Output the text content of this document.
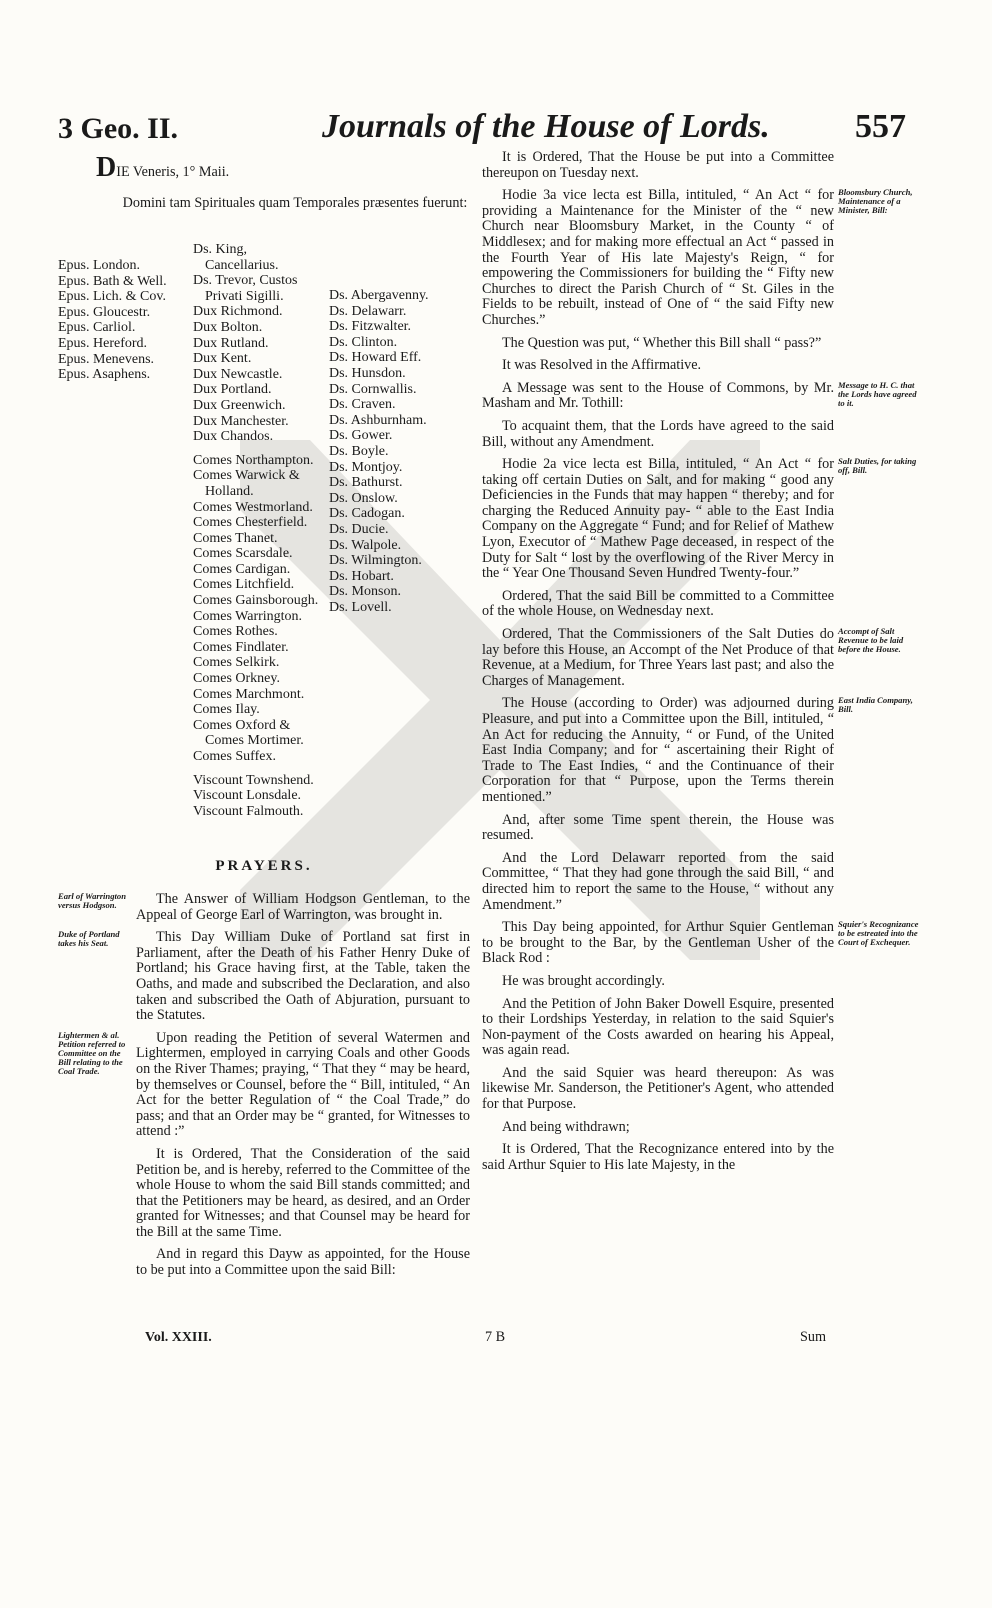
3 Geo. II.	Journals of the House of Lords.	557
DIE Veneris, 1° Maii.
Domini tam Spirituales quam Temporales præsentes fuerunt:
Epus. London.
Epus. Bath & Well.
Epus. Lich. & Cov.
Epus. Gloucestr.
Epus. Carliol.
Epus. Hereford.
Epus. Menevens.
Epus. Asaphens.
Ds. King,
Cancellarius.
Ds. Trevor, Custos
Privati Sigilli.
Dux Richmond.
Dux Bolton.
Dux Rutland.
Dux Kent.
Dux Newcastle.
Dux Portland.
Dux Greenwich.
Dux Manchester.
Dux Chandos.
Comes Northampton.
Comes Warwick &
Holland.
Comes Westmorland.
Comes Chesterfield.
Comes Thanet.
Comes Scarsdale.
Comes Cardigan.
Comes Litchfield.
Comes Gainsborough.
Comes Warrington.
Comes Rothes.
Comes Findlater.
Comes Selkirk.
Comes Orkney.
Comes Marchmont.
Comes Ilay.
Comes Oxford &
Comes Mortimer.
Comes Suffex.
Viscount Townshend.
Viscount Lonsdale.
Viscount Falmouth.
Ds. Abergavenny.
Ds. Delawarr.
Ds. Fitzwalter.
Ds. Clinton.
Ds. Howard Eff.
Ds. Hunsdon.
Ds. Cornwallis.
Ds. Craven.
Ds. Ashburnham.
Ds. Gower.
Ds. Boyle.
Ds. Montjoy.
Ds. Bathurst.
Ds. Onslow.
Ds. Cadogan.
Ds. Ducie.
Ds. Walpole.
Ds. Wilmington.
Ds. Hobart.
Ds. Monson.
Ds. Lovell.
PRAYERS.
Earl of Warrington versus Hodgson.	The Answer of William Hodgson Gentleman, to the Appeal of George Earl of Warrington, was brought in.
Duke of Portland takes his Seat.	This Day William Duke of Portland sat first in Parliament, after the Death of his Father Henry Duke of Portland; his Grace having first, at the Table, taken the Oaths, and made and subscribed the Declaration, and also taken and subscribed the Oath of Abjuration, pursuant to the Statutes.
Lightermen & al. Petition referred to Committee on the Bill relating to the Coal Trade.
Upon reading the Petition of several Watermen and Lightermen, employed in carrying Coals and other Goods on the River Thames; praying, “ That they “ may be heard, by themselves or Counsel, before the “ Bill, intituled, “ An Act for the better Regulation of “ the Coal Trade,” do pass; and that an Order may be “ granted, for Witnesses to attend :”
It is Ordered, That the Consideration of the said Petition be, and is hereby, referred to the Committee of the whole House to whom the said Bill stands committed; and that the Petitioners may be heard, as desired, and an Order granted for Witnesses; and that Counsel may be heard for the Bill at the same Time.
And in regard this Dayw as appointed, for the House to be put into a Committee upon the said Bill:
Vol. XXIII.
It is Ordered, That the House be put into a Committee thereupon on Tuesday next.
Hodie 3a vice lecta est Billa, intituled, “ An Act “ for providing a Maintenance for the Minister of the “ new Church near Bloomsbury Market, in the County “ of Middlesex; and for making more effectual an Act “ passed in the Fourth Year of His late Majesty's Reign, “ for empowering the Commissioners for building the “ Fifty new Churches to direct the Parish Church of “ St. Giles in the Fields to be rebuilt, instead of One of “ the said Fifty new Churches.”
Bloomsbury Church, Maintenance of a Minister, Bill:
The Question was put, “ Whether this Bill shall “ pass?”
It was Resolved in the Affirmative.
A Message was sent to the House of Commons, by Mr. Masham and Mr. Tothill:
Message to H. C. that the Lords have agreed to it.
To acquaint them, that the Lords have agreed to the said Bill, without any Amendment.
Hodie 2a vice lecta est Billa, intituled, “ An Act “ for taking off certain Duties on Salt, and for making “ good any Deficiencies in the Funds that may happen “ thereby; and for charging the Reduced Annuity pay- “ able to the East India Company on the Aggregate “ Fund; and for Relief of Mathew Lyon, Executor of “ Mathew Page deceased, in respect of the Duty for Salt “ lost by the overflowing of the River Mercy in the “ Year One Thousand Seven Hundred Twenty-four.”
Salt Duties, for taking off, Bill.
Ordered, That the said Bill be committed to a Committee of the whole House, on Wednesday next.
Ordered, That the Commissioners of the Salt Duties do lay before this House, an Accompt of the Net Produce of that Revenue, at a Medium, for Three Years last past; and also the Charges of Management.
Accompt of Salt Revenue to be laid before the House.
The House (according to Order) was adjourned during Pleasure, and put into a Committee upon the Bill, intituled, “ An Act for reducing the Annuity, “ or Fund, of the United East India Company; and for “ ascertaining their Right of Trade to The East Indies, “ and the Continuance of their Corporation for that “ Purpose, upon the Terms therein mentioned.”
East India Company, Bill.
And, after some Time spent therein, the House was resumed.
And the Lord Delawarr reported from the said Committee, “ That they had gone through the said Bill, “ and directed him to report the same to the House, “ without any Amendment.”
This Day being appointed, for Arthur Squier Gentleman to be brought to the Bar, by the Gentleman Usher of the Black Rod :
Squier's Recognizance to be estreated into the Court of Exchequer.
He was brought accordingly.
And the Petition of John Baker Dowell Esquire, presented to their Lordships Yesterday, in relation to the said Squier's Non-payment of the Costs awarded on hearing his Appeal, was again read.
And the said Squier was heard thereupon: As was likewise Mr. Sanderson, the Petitioner's Agent, who attended for that Purpose.
And being withdrawn;
It is Ordered, That the Recognizance entered into by the said Arthur Squier to His late Majesty, in the
7 B	Sum
